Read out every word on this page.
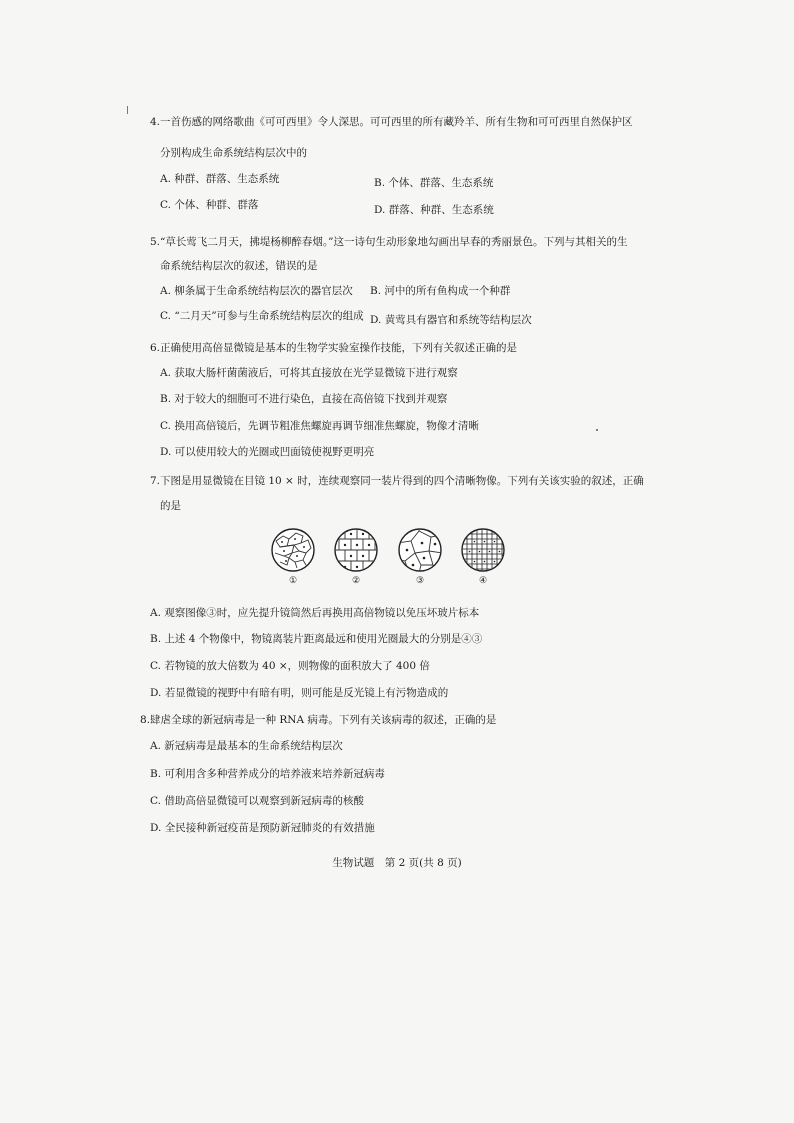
4.一首伤感的网络歌曲《可可西里》令人深思。可可西里的所有藏羚羊、所有生物和可可西里自然保护区
分别构成生命系统结构层次中的
A. 种群、群落、生态系统	B. 个体、群落、生态系统
C. 个体、种群、群落	D. 群落、种群、生态系统
5.“草长莺飞二月天，拂堤杨柳醉春烟。”这一诗句生动形象地勾画出早春的秀丽景色。下列与其相关的生
命系统结构层次的叙述，错误的是
A. 柳条属于生命系统结构层次的器官层次 B. 河中的所有鱼构成一个种群
C. “二月天”可参与生命系统结构层次的组成 D. 黄莺具有器官和系统等结构层次
6.正确使用高倍显微镜是基本的生物学实验室操作技能，下列有关叙述正确的是
A. 获取大肠杆菌菌液后，可将其直接放在光学显微镜下进行观察
B. 对于较大的细胞可不进行染色，直接在高倍镜下找到并观察
C. 换用高倍镜后，先调节粗准焦螺旋再调节细准焦螺旋，物像才清晰
D. 可以使用较大的光圈或凹面镜使视野更明亮
7.下图是用显微镜在目镜 10 × 时，连续观察同一装片得到的四个清晰物像。下列有关该实验的叙述，正确
的是
①	②	③	④
A. 观察图像③时，应先提升镜筒然后再换用高倍物镜以免压坏玻片标本
B. 上述 4 个物像中，物镜离装片距离最远和使用光圈最大的分别是④③
C. 若物镜的放大倍数为 40 ×，则物像的面积放大了 400 倍
D. 若显微镜的视野中有暗有明，则可能是反光镜上有污物造成的
8.肆虐全球的新冠病毒是一种 RNA 病毒。下列有关该病毒的叙述，正确的是
A. 新冠病毒是最基本的生命系统结构层次
B. 可利用含多种营养成分的培养液来培养新冠病毒
C. 借助高倍显微镜可以观察到新冠病毒的核酸
D. 全民接种新冠疫苗是预防新冠肺炎的有效措施
生物试题　第 2 页(共 8 页)
